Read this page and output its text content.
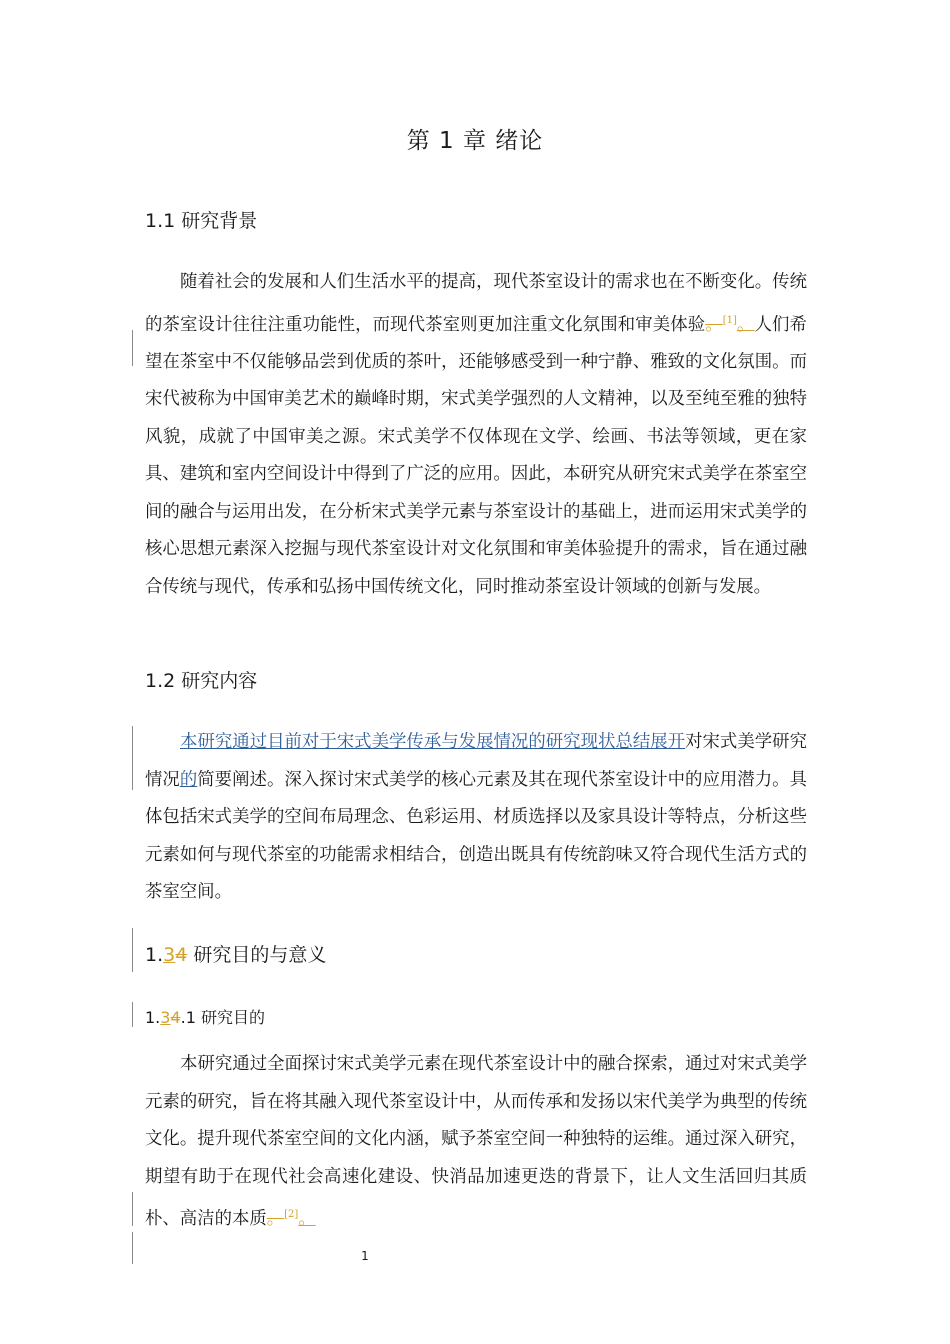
第 1 章 绪论
1.1 研究背景
随着社会的发展和人们生活水平的提高，现代茶室设计的需求也在不断变化。传统的茶室设计往往注重功能性，而现代茶室则更加注重文化氛围和审美体验。[1]。人们希望在茶室中不仅能够品尝到优质的茶叶，还能够感受到一种宁静、雅致的文化氛围。而宋代被称为中国审美艺术的巅峰时期，宋式美学强烈的人文精神，以及至纯至雅的独特风貌，成就了中国审美之源。宋式美学不仅体现在文学、绘画、书法等领域，更在家具、建筑和室内空间设计中得到了广泛的应用。因此，本研究从研究宋式美学在茶室空间的融合与运用出发，在分析宋式美学元素与茶室设计的基础上，进而运用宋式美学的核心思想元素深入挖掘与现代茶室设计对文化氛围和审美体验提升的需求，旨在通过融合传统与现代，传承和弘扬中国传统文化，同时推动茶室设计领域的创新与发展。
1.2 研究内容
本研究通过目前对于宋式美学传承与发展情况的研究现状总结展开对宋式美学研究情况的简要阐述。深入探讨宋式美学的核心元素及其在现代茶室设计中的应用潜力。具体包括宋式美学的空间布局理念、色彩运用、材质选择以及家具设计等特点，分析这些元素如何与现代茶室的功能需求相结合，创造出既具有传统韵味又符合现代生活方式的茶室空间。
1.34 研究目的与意义
1.34.1 研究目的
本研究通过全面探讨宋式美学元素在现代茶室设计中的融合探索，通过对宋式美学元素的研究，旨在将其融入现代茶室设计中，从而传承和发扬以宋代美学为典型的传统文化。提升现代茶室空间的文化内涵，赋予茶室空间一种独特的运维。通过深入研究，期望有助于在现代社会高速化建设、快消品加速更迭的背景下，让人文生活回归其质朴、高洁的本质。[2]。
1
